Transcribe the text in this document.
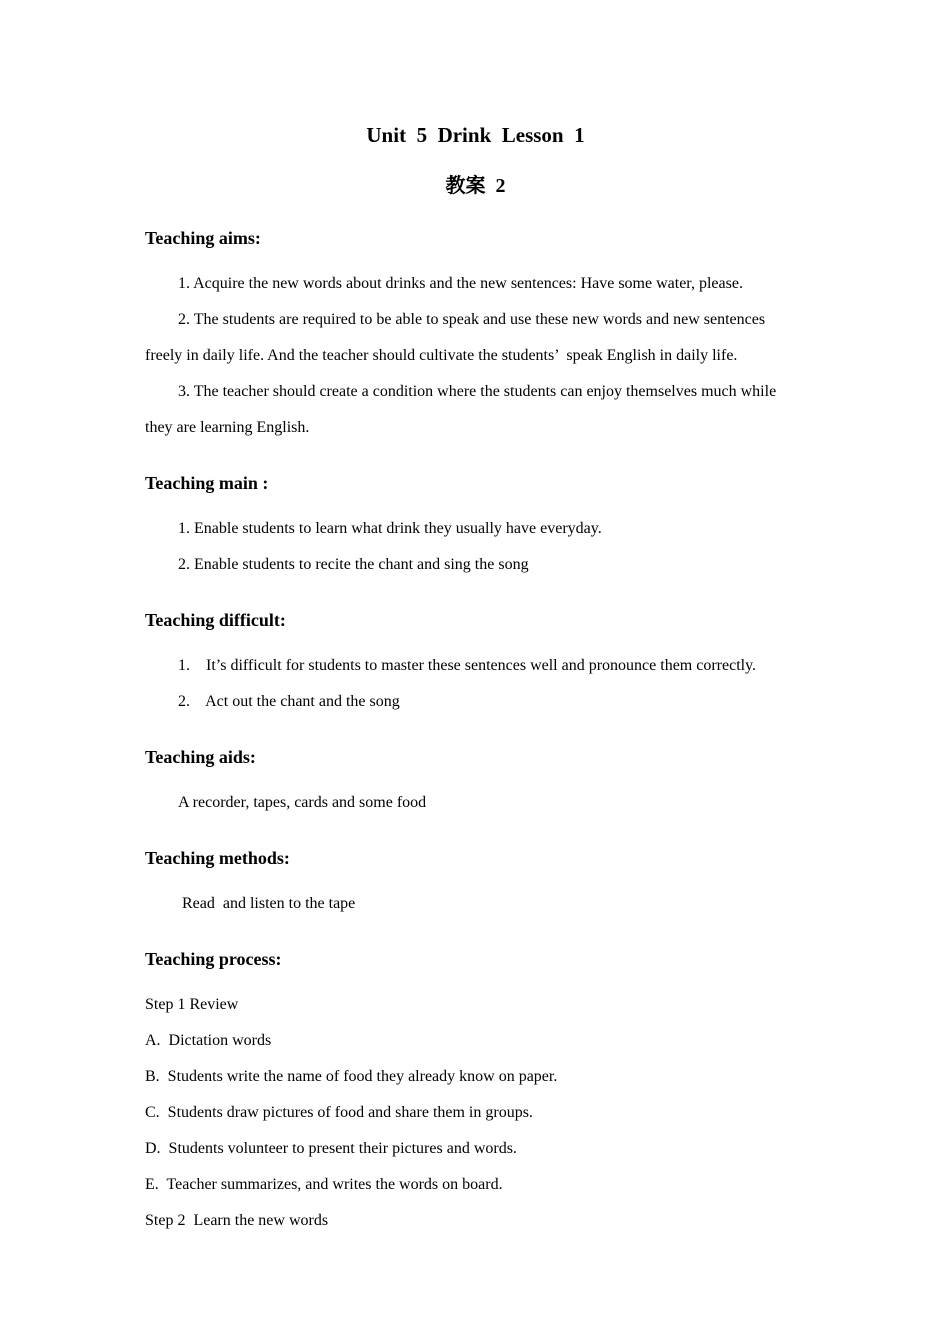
Unit  5  Drink  Lesson  1
教案  2
Teaching aims:

1. Acquire the new words about drinks and the new sentences: Have some water, please.

2. The students are required to be able to speak and use these new words and new sentences freely in daily life. And the teacher should cultivate the students’  speak English in daily life.

3. The teacher should create a condition where the students can enjoy themselves much while they are learning English.

Teaching main :

1. Enable students to learn what drink they usually have everyday.

2. Enable students to recite the chant and sing the song

Teaching difficult:

1.    It’s difficult for students to master these sentences well and pronounce them correctly.

2.    Act out the chant and the song

Teaching aids:

A recorder, tapes, cards and some food

Teaching methods:

Read  and listen to the tape

Teaching process:

Step 1 Review

A.  Dictation words

B.  Students write the name of food they already know on paper.

C.  Students draw pictures of food and share them in groups.

D.  Students volunteer to present their pictures and words.

E.  Teacher summarizes, and writes the words on board.

Step 2  Learn the new words
